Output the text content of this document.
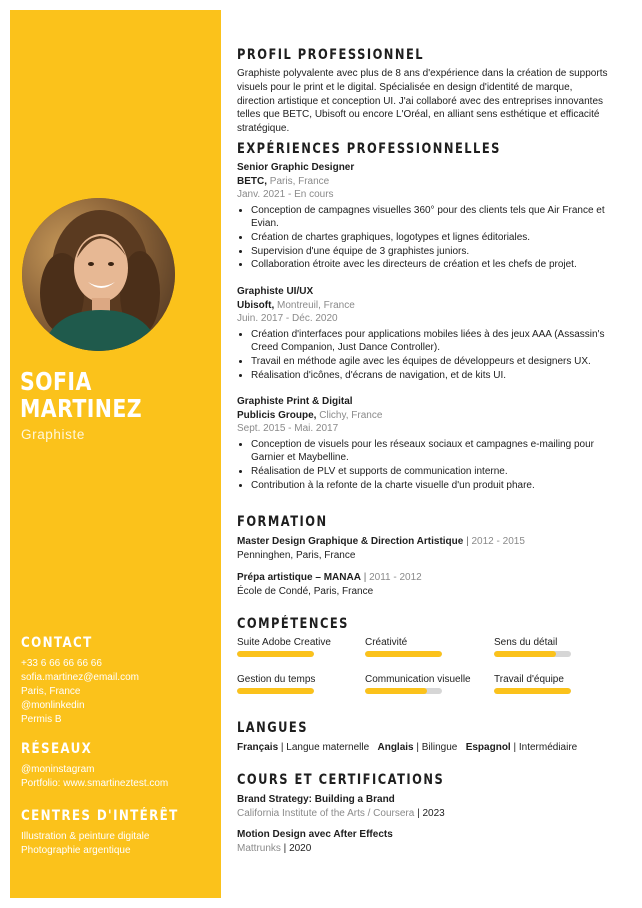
SOFIA
MARTINEZ
Graphiste
CONTACT
+33 6 66 66 66 66
sofia.martinez@email.com
Paris, France
@monlinkedin
Permis B
RÉSEAUX
@moninstagram
Portfolio: www.smartineztest.com
CENTRES D'INTÉRÊT
Illustration & peinture digitale
Photographie argentique
PROFIL PROFESSIONNEL

Graphiste polyvalente avec plus de 8 ans d'expérience dans la création de supports visuels pour le print et le digital. Spécialisée en design d'identité de marque, direction artistique et conception UI. J'ai collaboré avec des entreprises innovantes telles que BETC, Ubisoft ou encore L'Oréal, en alliant sens esthétique et efficacité stratégique.

EXPÉRIENCES PROFESSIONNELLES
Senior Graphic Designer
BETC, Paris, France
Janv. 2021 - En cours
• Conception de campagnes visuelles 360° pour des clients tels que Air France et Evian.
• Création de chartes graphiques, logotypes et lignes éditoriales.
• Supervision d'une équipe de 3 graphistes juniors.
• Collaboration étroite avec les directeurs de création et les chefs de projet.
Graphiste UI/UX
Ubisoft, Montreuil, France
Juin. 2017 - Déc. 2020
• Création d'interfaces pour applications mobiles liées à des jeux AAA (Assassin's Creed Companion, Just Dance Controller).
• Travail en méthode agile avec les équipes de développeurs et designers UX.
• Réalisation d'icônes, d'écrans de navigation, et de kits UI.
Graphiste Print & Digital
Publicis Groupe, Clichy, France
Sept. 2015 - Mai. 2017
• Conception de visuels pour les réseaux sociaux et campagnes e-mailing pour Garnier et Maybelline.
• Réalisation de PLV et supports de communication interne.
• Contribution à la refonte de la charte visuelle d'un produit phare.
FORMATION
Master Design Graphique & Direction Artistique | 2012 - 2015
Penninghen, Paris, France
Prépa artistique – MANAA | 2011 - 2012
École de Condé, Paris, France
COMPÉTENCES
Suite Adobe Creative	Créativité	Sens du détail
Gestion du temps	Communication visuelle	Travail d'équipe
LANGUES
Français | Langue maternelle Anglais | Bilingue Espagnol | Intermédiaire
COURS ET CERTIFICATIONS
Brand Strategy: Building a Brand
California Institute of the Arts / Coursera | 2023
Motion Design avec After Effects
Mattrunks | 2020
